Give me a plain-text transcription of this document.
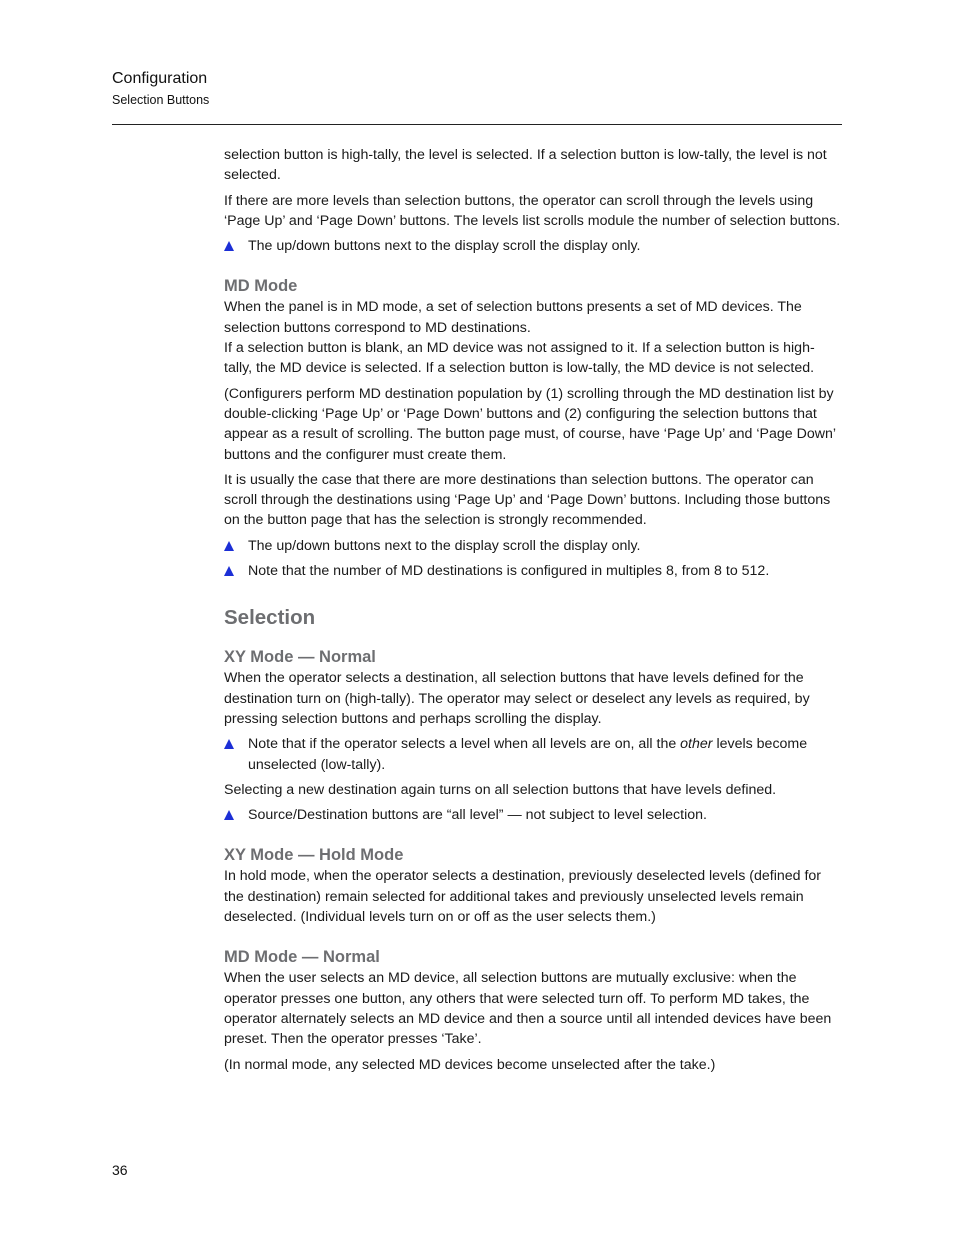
Configuration
Selection Buttons

selection button is high-tally, the level is selected. If a selection button is low-tally, the level is not selected.

If there are more levels than selection buttons, the operator can scroll through the levels using ‘Page Up’ and ‘Page Down’ buttons. The levels list scrolls module the number of selection buttons.

The up/down buttons next to the display scroll the display only.
MD Mode

When the panel is in MD mode, a set of selection buttons presents a set of MD devices. The selection buttons correspond to MD destinations.

If a selection button is blank, an MD device was not assigned to it. If a selection button is high-tally, the MD device is selected. If a selection button is low-tally, the MD device is not selected.

(Configurers perform MD destination population by (1) scrolling through the MD destination list by double-clicking ‘Page Up’ or ‘Page Down’ buttons and (2) configuring the selection buttons that appear as a result of scrolling. The button page must, of course, have ‘Page Up’ and ‘Page Down’ buttons and the configurer must create them.

It is usually the case that there are more destinations than selection buttons. The operator can scroll through the destinations using ‘Page Up’ and ‘Page Down’ buttons. Including those buttons on the button page that has the selection is strongly recommended.

The up/down buttons next to the display scroll the display only.
Note that the number of MD destinations is configured in multiples 8, from 8 to 512.
Selection
XY Mode — Normal

When the operator selects a destination, all selection buttons that have levels defined for the destination turn on (high-tally). The operator may select or deselect any levels as required, by pressing selection buttons and perhaps scrolling the display.

Note that if the operator selects a level when all levels are on, all the other levels become unselected (low-tally).

Selecting a new destination again turns on all selection buttons that have levels defined.

Source/Destination buttons are “all level” — not subject to level selection.
XY Mode — Hold Mode

In hold mode, when the operator selects a destination, previously deselected levels (defined for the destination) remain selected for additional takes and previously unselected levels remain deselected. (Individual levels turn on or off as the user selects them.)

MD Mode — Normal

When the user selects an MD device, all selection buttons are mutually exclusive: when the operator presses one button, any others that were selected turn off. To perform MD takes, the operator alternately selects an MD device and then a source until all intended devices have been preset. Then the operator presses ‘Take’.

(In normal mode, any selected MD devices become unselected after the take.)

36
